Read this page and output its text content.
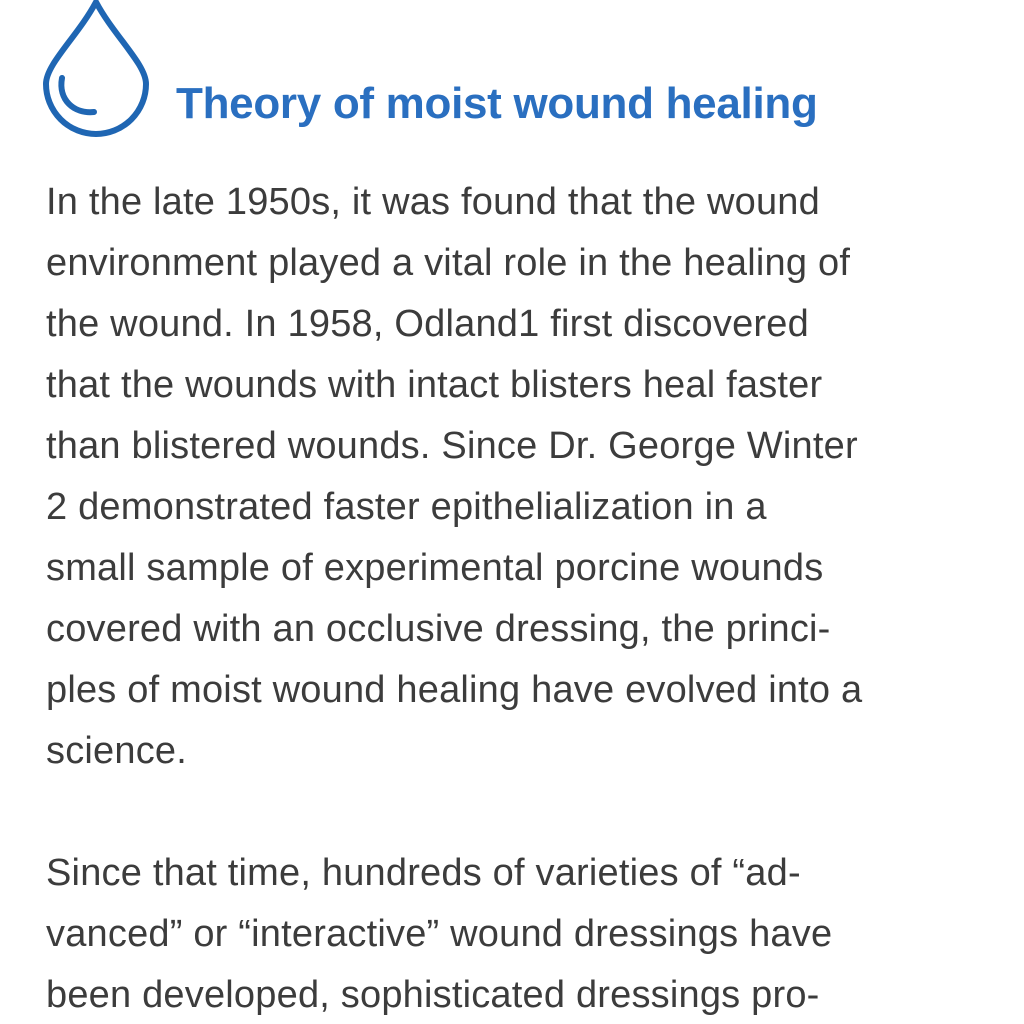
Theory of moist wound healing
In the late 1950s, it was found that the wound
environment played a vital role in the healing of
the wound. In 1958, Odland1 first discovered
that the wounds with intact blisters heal faster
than blistered wounds. Since Dr. George Winter
2 demonstrated faster epithelialization in a
small sample of experimental porcine wounds
covered with an occlusive dressing, the princi-
ples of moist wound healing have evolved into a
science.
Since that time, hundreds of varieties of “ad-
vanced” or “interactive” wound dressings have
been developed, sophisticated dressings pro-
